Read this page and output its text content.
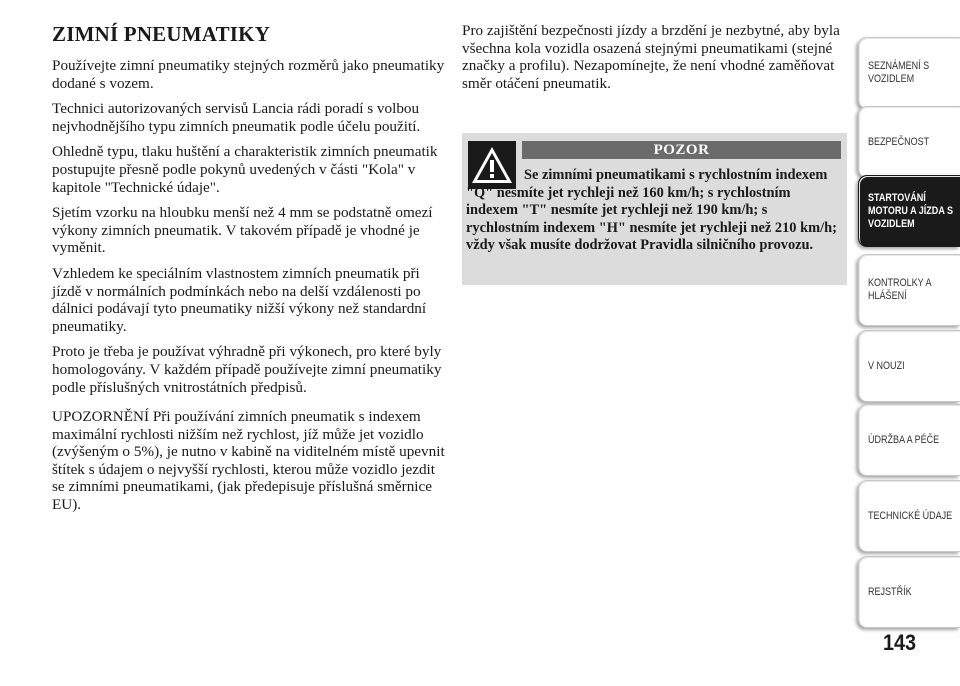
ZIMNÍ PNEUMATIKY

Používejte zimní pneumatiky stejných rozměrů jako pneumatiky dodané s vozem.

Technici autorizovaných servisů Lancia rádi poradí s volbou nejvhodnějšího typu zimních pneumatik podle účelu použití.

Ohledně typu, tlaku huštění a charakteristik zimních pneumatik postupujte přesně podle pokynů uvedených v části "Kola" v kapitole "Technické údaje".

Sjetím vzorku na hloubku menší než 4 mm se podstatně omezí výkony zimních pneumatik. V takovém případě je vhodné je vyměnit.

Vzhledem ke speciálním vlastnostem zimních pneumatik při jízdě v normálních podmínkách nebo na delší vzdálenosti po dálnici podávají tyto pneumatiky nižší výkony než standardní pneumatiky.

Proto je třeba je používat výhradně při výkonech, pro které byly homologovány. V každém případě používejte zimní pneumatiky podle příslušných vnitrostátních předpisů.

UPOZORNĚNÍ Při používání zimních pneumatik s indexem maximální rychlosti nižším než rychlost, jíž může jet vozidlo (zvýšeným o 5%), je nutno v kabině na viditelném místě upevnit štítek s údajem o nejvyšší rychlosti, kterou může vozidlo jezdit se zimními pneumatikami, (jak předepisuje příslušná směrnice EU).

Pro zajištění bezpečnosti jízdy a brzdění je nezbytné, aby byla všechna kola vozidla osazená stejnými pneumatikami (stejné značky a profilu). Nezapomínejte, že není vhodné zaměňovat směr otáčení pneumatik.

POZOR
Se zimními pneumatikami s rychlostním indexem "Q" nesmíte jet rychleji než 160 km/h; s rychlostním indexem "T" nesmíte jet rychleji než 190 km/h; s rychlostním indexem "H" nesmíte jet rychleji než 210 km/h; vždy však musíte dodržovat Pravidla silničního provozu.
SEZNÁMENÍ S VOZIDLEM
BEZPEČNOST
STARTOVÁNÍ MOTORU A JÍZDA S VOZIDLEM
KONTROLKY A HLÁŠENÍ
V NOUZI
ÚDRŽBA A PÉČE
TECHNICKÉ ÚDAJE
REJSTŘÍK
143
